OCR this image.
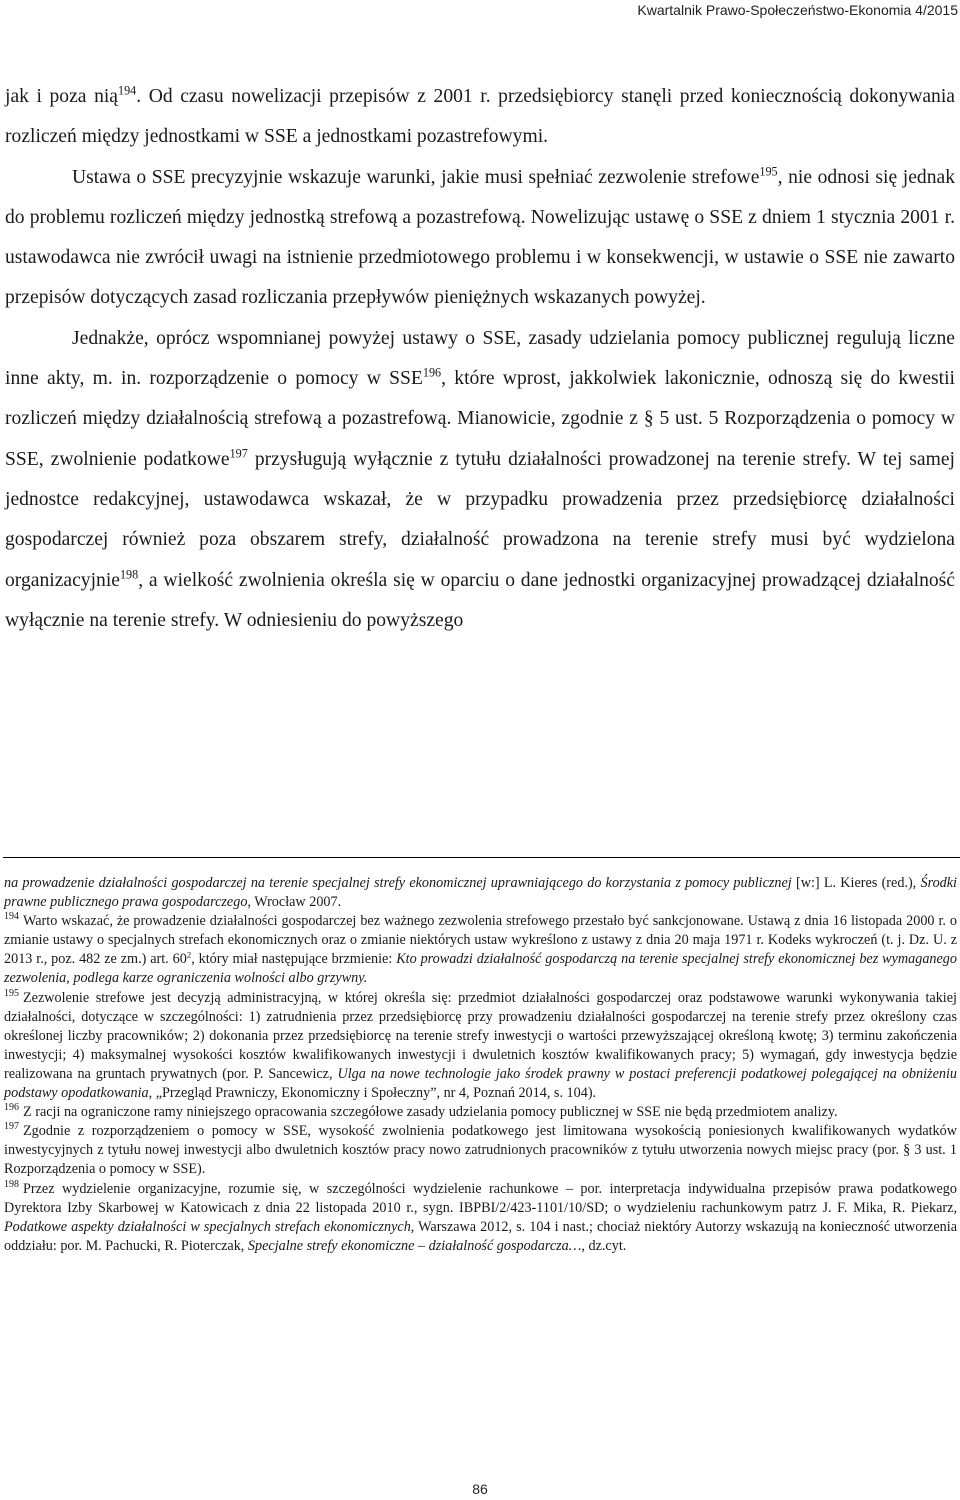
Kwartalnik Prawo-Społeczeństwo-Ekonomia 4/2015

jak i poza nią$^{194}$. Od czasu nowelizacji przepisów z 2001 r. przedsiębiorcy stanęli przed koniecznością dokonywania rozliczeń między jednostkami w SSE a jednostkami pozastrefowymi.

Ustawa o SSE precyzyjnie wskazuje warunki, jakie musi spełniać zezwolenie strefowe$^{195}$, nie odnosi się jednak do problemu rozliczeń między jednostką strefową a pozastrefową. Nowelizując ustawę o SSE z dniem 1 stycznia 2001 r. ustawodawca nie zwrócił uwagi na istnienie przedmiotowego problemu i w konsekwencji, w ustawie o SSE nie zawarto przepisów dotyczących zasad rozliczania przepływów pieniężnych wskazanych powyżej.

Jednakże, oprócz wspomnianej powyżej ustawy o SSE, zasady udzielania pomocy publicznej regulują liczne inne akty, m. in. rozporządzenie o pomocy w SSE$^{196}$, które wprost, jakkolwiek lakonicznie, odnoszą się do kwestii rozliczeń między działalnością strefową a pozastrefową. Mianowicie, zgodnie z § 5 ust. 5 Rozporządzenia o pomocy w SSE, zwolnienie podatkowe$^{197}$ przysługują wyłącznie z tytułu działalności prowadzonej na terenie strefy. W tej samej jednostce redakcyjnej, ustawodawca wskazał, że w przypadku prowadzenia przez przedsiębiorcę działalności gospodarczej również poza obszarem strefy, działalność prowadzona na terenie strefy musi być wydzielona organizacyjnie$^{198}$, a wielkość zwolnienia określa się w oparciu o dane jednostki organizacyjnej prowadzącej działalność wyłącznie na terenie strefy. W odniesieniu do powyższego

na prowadzenie działalności gospodarczej na terenie specjalnej strefy ekonomicznej uprawniającego do korzystania z pomocy publicznej [w:] L. Kieres (red.), Środki prawne publicznego prawa gospodarczego, Wrocław 2007.

$^{194}$ Warto wskazać, że prowadzenie działalności gospodarczej bez ważnego zezwolenia strefowego przestało być sankcjonowane. Ustawą z dnia 16 listopada 2000 r. o zmianie ustawy o specjalnych strefach ekonomicznych oraz o zmianie niektórych ustaw wykreślono z ustawy z dnia 20 maja 1971 r. Kodeks wykroczeń (t. j. Dz. U. z 2013 r., poz. 482 ze zm.) art. $60^2$, który miał następujące brzmienie: Kto prowadzi działalność gospodarczą na terenie specjalnej strefy ekonomicznej bez wymaganego zezwolenia, podlega karze ograniczenia wolności albo grzywny.

$^{195}$ Zezwolenie strefowe jest decyzją administracyjną, w której określa się: przedmiot działalności gospodarczej oraz podstawowe warunki wykonywania takiej działalności, dotyczące w szczególności: 1) zatrudnienia przez przedsiębiorcę przy prowadzeniu działalności gospodarczej na terenie strefy przez określony czas określonej liczby pracowników; 2) dokonania przez przedsiębiorcę na terenie strefy inwestycji o wartości przewyższającej określoną kwotę; 3) terminu zakończenia inwestycji; 4) maksymalnej wysokości kosztów kwalifikowanych inwestycji i dwuletnich kosztów kwalifikowanych pracy; 5) wymagań, gdy inwestycja będzie realizowana na gruntach prywatnych (por. P. Sancewicz, Ulga na nowe technologie jako środek prawny w postaci preferencji podatkowej polegającej na obniżeniu podstawy opodatkowania, „Przegląd Prawniczy, Ekonomiczny i Społeczny”, nr 4, Poznań 2014, s. 104).

$^{196}$ Z racji na ograniczone ramy niniejszego opracowania szczegółowe zasady udzielania pomocy publicznej w SSE nie będą przedmiotem analizy.

$^{197}$ Zgodnie z rozporządzeniem o pomocy w SSE, wysokość zwolnienia podatkowego jest limitowana wysokością poniesionych kwalifikowanych wydatków inwestycyjnych z tytułu nowej inwestycji albo dwuletnich kosztów pracy nowo zatrudnionych pracowników z tytułu utworzenia nowych miejsc pracy (por. § 3 ust. 1 Rozporządzenia o pomocy w SSE).

$^{198}$ Przez wydzielenie organizacyjne, rozumie się, w szczególności wydzielenie rachunkowe – por. interpretacja indywidualna przepisów prawa podatkowego Dyrektora Izby Skarbowej w Katowicach z dnia 22 listopada 2010 r., sygn. IBPBI/2/423-1101/10/SD; o wydzieleniu rachunkowym patrz J. F. Mika, R. Piekarz, Podatkowe aspekty działalności w specjalnych strefach ekonomicznych, Warszawa 2012, s. 104 i nast.; chociaż niektóry Autorzy wskazują na konieczność utworzenia oddziału: por. M. Pachucki, R. Pioterczak, Specjalne strefy ekonomiczne – działalność gospodarcza…, dz.cyt.

86
